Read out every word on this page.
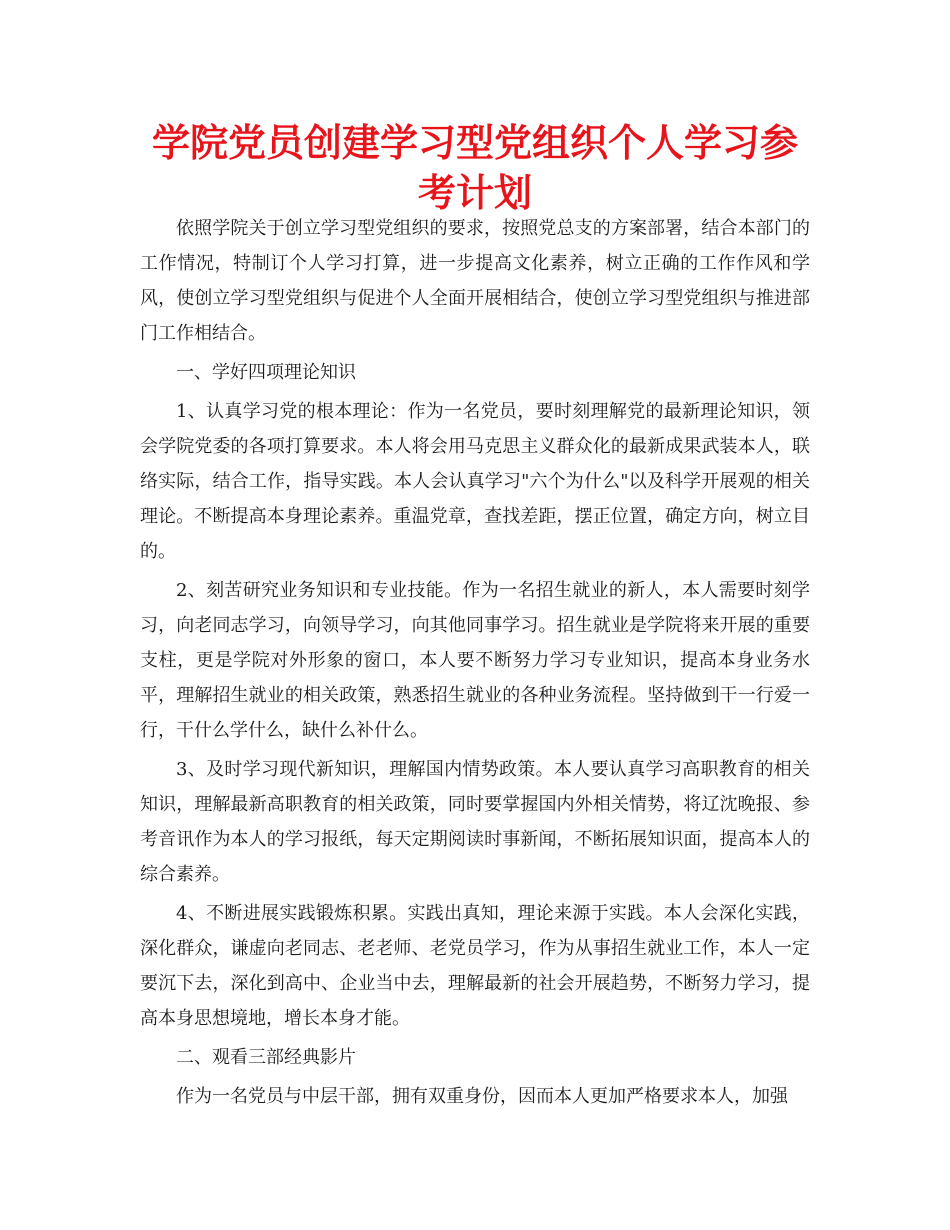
学院党员创建学习型党组织个人学习参考计划

依照学院关于创立学习型党组织的要求，按照党总支的方案部署，结合本部门的工作情况，特制订个人学习打算，进一步提高文化素养，树立正确的工作作风和学风，使创立学习型党组织与促进个人全面开展相结合，使创立学习型党组织与推进部门工作相结合。

一、学好四项理论知识

1、认真学习党的根本理论：作为一名党员，要时刻理解党的最新理论知识，领会学院党委的各项打算要求。本人将会用马克思主义群众化的最新成果武装本人，联络实际，结合工作，指导实践。本人会认真学习"六个为什么"以及科学开展观的相关理论。不断提高本身理论素养。重温党章，查找差距，摆正位置，确定方向，树立目的。

2、刻苦研究业务知识和专业技能。作为一名招生就业的新人，本人需要时刻学习，向老同志学习，向领导学习，向其他同事学习。招生就业是学院将来开展的重要支柱，更是学院对外形象的窗口，本人要不断努力学习专业知识，提高本身业务水平，理解招生就业的相关政策，熟悉招生就业的各种业务流程。坚持做到干一行爱一行，干什么学什么，缺什么补什么。

3、及时学习现代新知识，理解国内情势政策。本人要认真学习高职教育的相关知识，理解最新高职教育的相关政策，同时要掌握国内外相关情势，将辽沈晚报、参考音讯作为本人的学习报纸，每天定期阅读时事新闻，不断拓展知识面，提高本人的综合素养。

4、不断进展实践锻炼积累。实践出真知，理论来源于实践。本人会深化实践，深化群众，谦虚向老同志、老老师、老党员学习，作为从事招生就业工作，本人一定要沉下去，深化到高中、企业当中去，理解最新的社会开展趋势，不断努力学习，提高本身思想境地，增长本身才能。

二、观看三部经典影片

作为一名党员与中层干部，拥有双重身份，因而本人更加严格要求本人，加强
